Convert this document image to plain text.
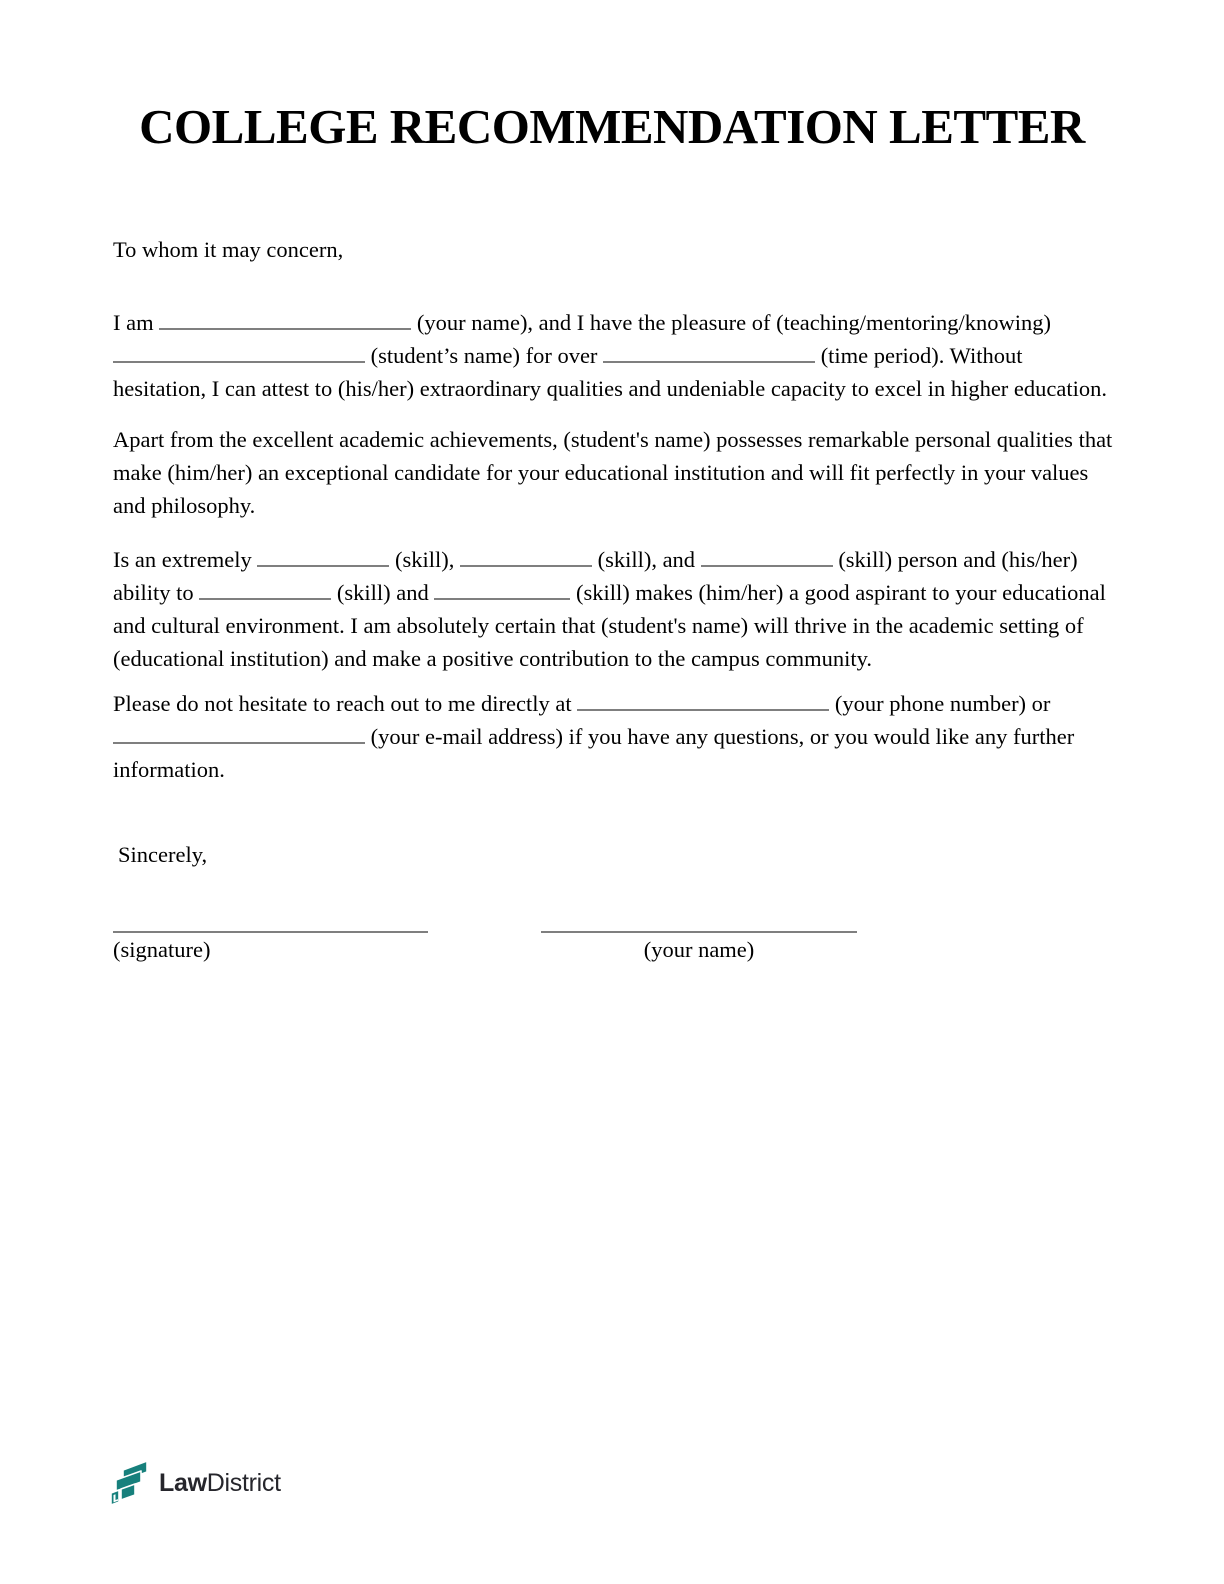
COLLEGE RECOMMENDATION LETTER

To whom it may concern,

I am	(your name), and I have the pleasure of (teaching/mentoring/knowing)  (student’s name) for over	(time period). Without hesitation, I can attest to (his/her) extraordinary qualities and undeniable capacity to excel in higher education.

Apart from the excellent academic achievements, (student's name) possesses remarkable personal qualities that make (him/her) an exceptional candidate for your educational institution and will fit perfectly in your values and philosophy.

Is an extremely	(skill),	(skill), and	(skill) person and (his/her) ability to	(skill) and	(skill) makes (him/her) a good aspirant to your educational and cultural environment. I am absolutely certain that (student's name) will thrive in the academic setting of (educational institution) and make a positive contribution to the campus community.

Please do not hesitate to reach out to me directly at	(your phone number) or  (your e-mail address) if you have any questions, or you would like any further information.

Sincerely,

(signature)	(your name)
LawDistrict
